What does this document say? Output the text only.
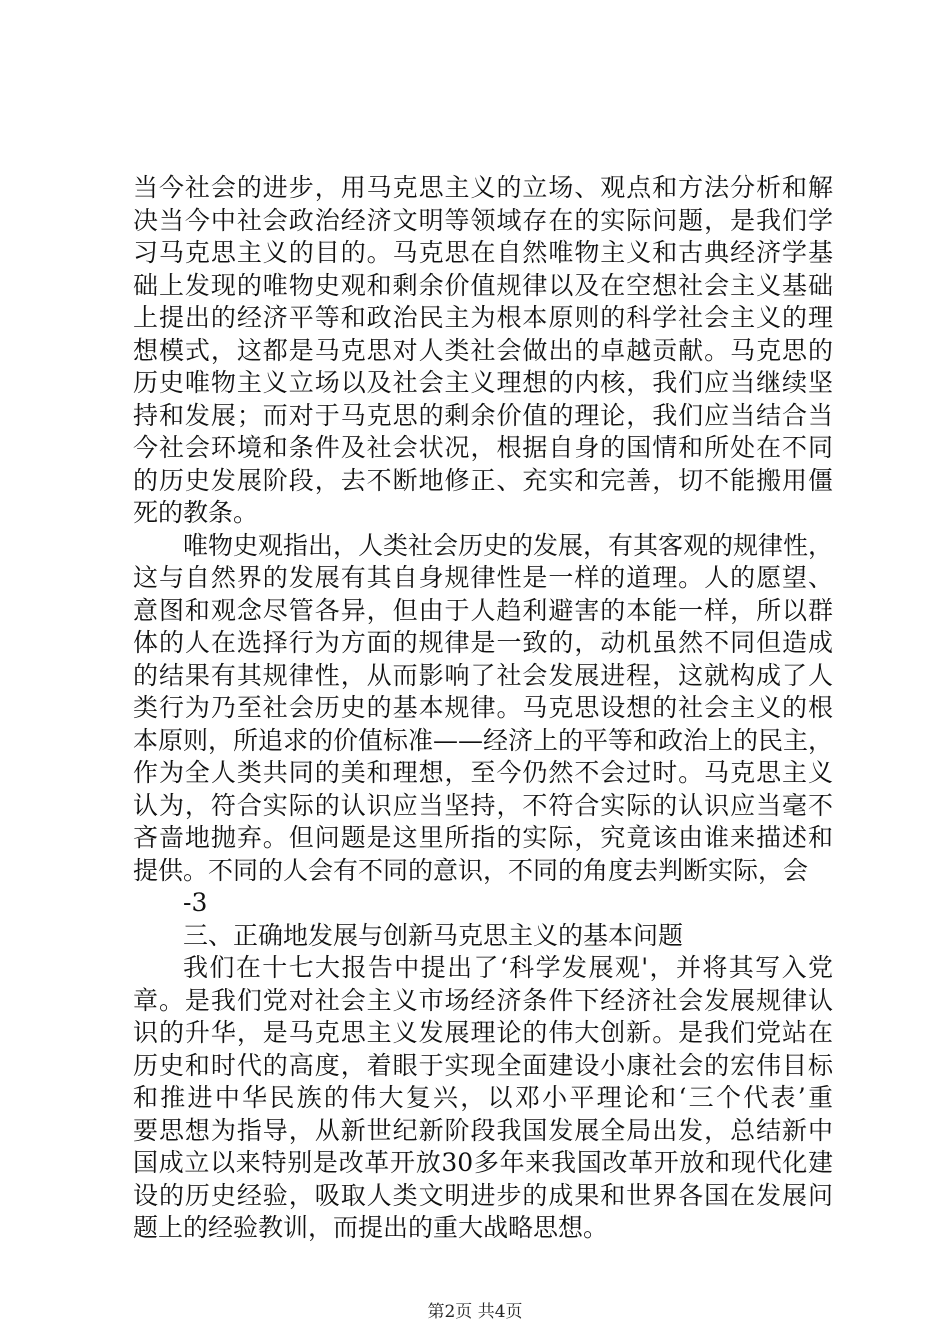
当今社会的进步，用马克思主义的立场、观点和方法分析和解
决当今中社会政治经济文明等领域存在的实际问题，是我们学
习马克思主义的目的。马克思在自然唯物主义和古典经济学基
础上发现的唯物史观和剩余价值规律以及在空想社会主义基础
上提出的经济平等和政治民主为根本原则的科学社会主义的理
想模式，这都是马克思对人类社会做出的卓越贡献。马克思的
历史唯物主义立场以及社会主义理想的内核，我们应当继续坚
持和发展；而对于马克思的剩余价值的理论，我们应当结合当
今社会环境和条件及社会状况，根据自身的国情和所处在不同
的历史发展阶段，去不断地修正、充实和完善，切不能搬用僵
死的教条。
唯物史观指出，人类社会历史的发展，有其客观的规律性，
这与自然界的发展有其自身规律性是一样的道理。人的愿望、
意图和观念尽管各异，但由于人趋利避害的本能一样，所以群
体的人在选择行为方面的规律是一致的，动机虽然不同但造成
的结果有其规律性，从而影响了社会发展进程，这就构成了人
类行为乃至社会历史的基本规律。马克思设想的社会主义的根
本原则，所追求的价值标准——经济上的平等和政治上的民主，
作为全人类共同的美和理想，至今仍然不会过时。马克思主义
认为，符合实际的认识应当坚持，不符合实际的认识应当毫不
吝啬地抛弃。但问题是这里所指的实际，究竟该由谁来描述和
提供。不同的人会有不同的意识，不同的角度去判断实际，会
-3
三、正确地发展与创新马克思主义的基本问题
我们在十七大报告中提出了‘科学发展观'，并将其写入党
章。是我们党对社会主义市场经济条件下经济社会发展规律认
识的升华，是马克思主义发展理论的伟大创新。是我们党站在
历史和时代的高度，着眼于实现全面建设小康社会的宏伟目标
和推进中华民族的伟大复兴，以邓小平理论和‘三个代表’重
要思想为指导，从新世纪新阶段我国发展全局出发，总结新中
国成立以来特别是改革开放30多年来我国改革开放和现代化建
设的历史经验，吸取人类文明进步的成果和世界各国在发展问
题上的经验教训，而提出的重大战略思想。
第2页 共4页
